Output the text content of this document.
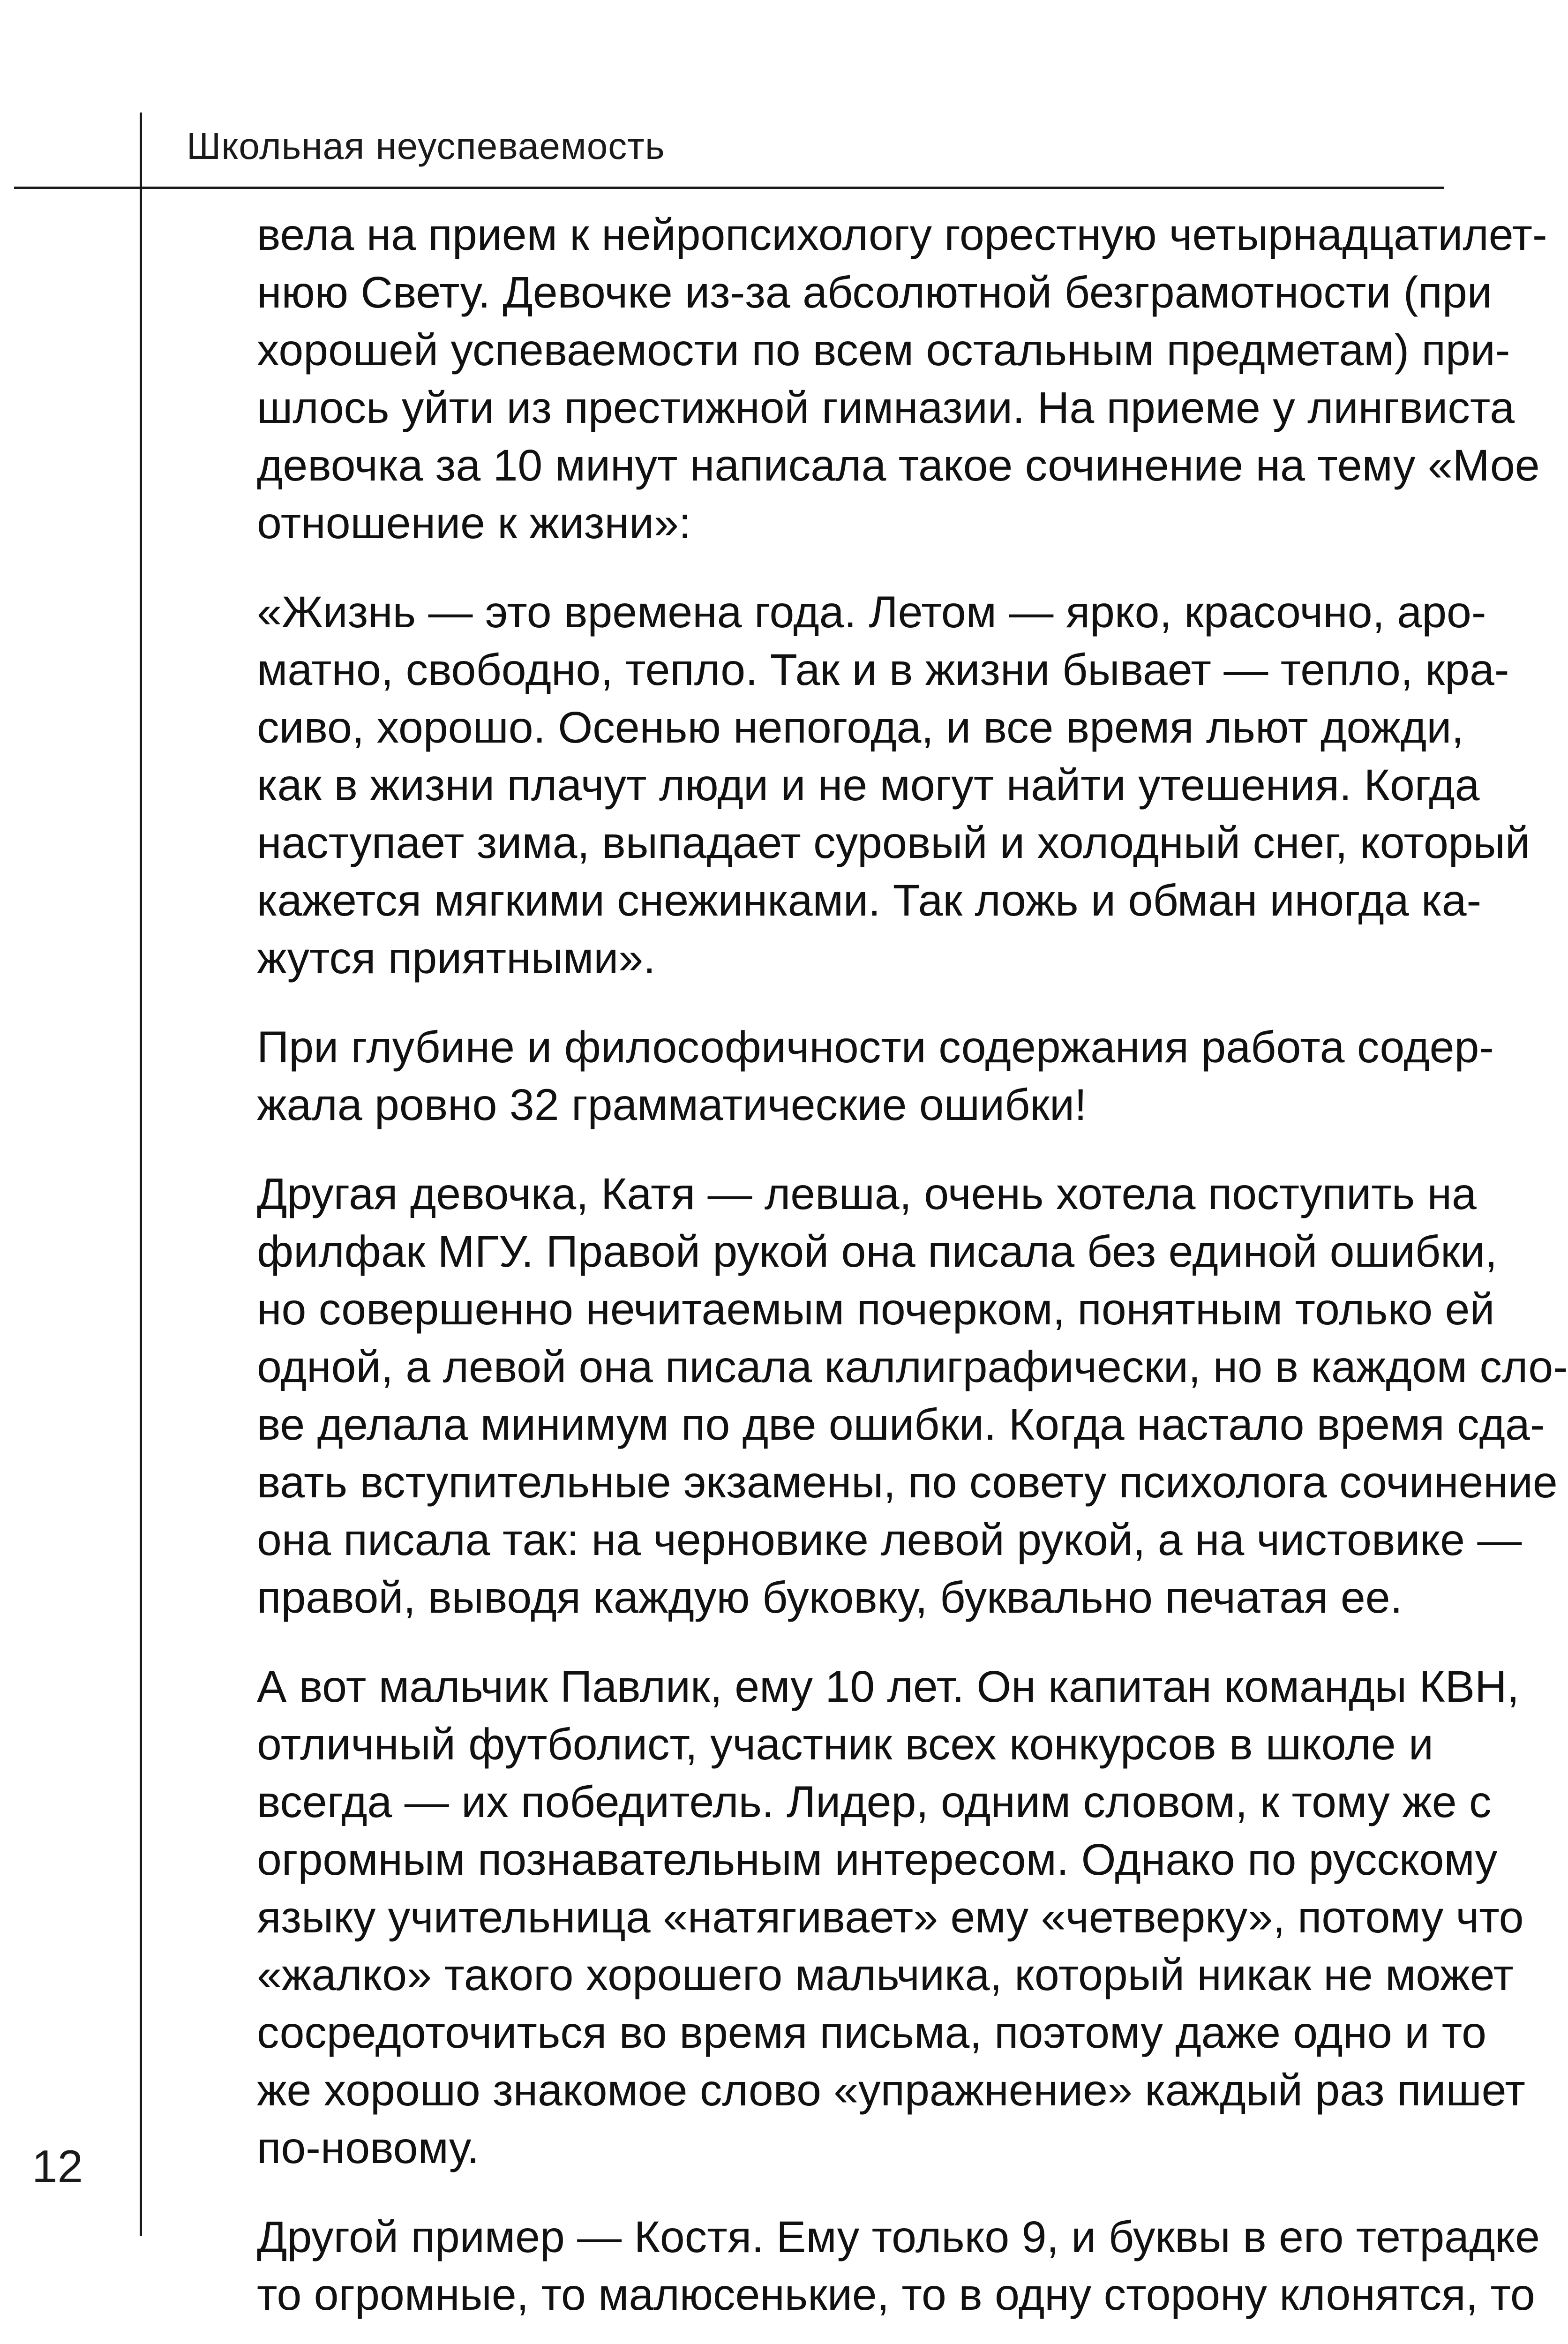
Школьная неуспеваемость
12
вела на прием к нейропсихологу горестную четырнадцатилет-
нюю Свету. Девочке из-за абсолютной безграмотности (при
хорошей успеваемости по всем остальным предметам) при-
шлось уйти из престижной гимназии. На приеме у лингвиста
девочка за 10 минут написала такое сочинение на тему «Мое
отношение к жизни»:
«Жизнь — это времена года. Летом — ярко, красочно, аро-
матно, свободно, тепло. Так и в жизни бывает — тепло, кра-
сиво, хорошо. Осенью непогода, и все время льют дожди,
как в жизни плачут люди и не могут найти утешения. Когда
наступает зима, выпадает суровый и холодный снег, который
кажется мягкими снежинками. Так ложь и обман иногда ка-
жутся приятными».
При глубине и философичности содержания работа содер-
жала ровно 32 грамматические ошибки!
Другая девочка, Катя — левша, очень хотела поступить на
филфак МГУ. Правой рукой она писала без единой ошибки,
но совершенно нечитаемым почерком, понятным только ей
одной, а левой она писала каллиграфически, но в каждом сло-
ве делала минимум по две ошибки. Когда настало время сда-
вать вступительные экзамены, по совету психолога сочинение
она писала так: на черновике левой рукой, а на чистовике —
правой, выводя каждую буковку, буквально печатая ее.
А вот мальчик Павлик, ему 10 лет. Он капитан команды КВН,
отличный футболист, участник всех конкурсов в школе и
всегда — их победитель. Лидер, одним словом, к тому же с
огромным познавательным интересом. Однако по русскому
языку учительница «натягивает» ему «четверку», потому что
«жалко» такого хорошего мальчика, который никак не может
сосредоточиться во время письма, поэтому даже одно и то
же хорошо знакомое слово «упражнение» каждый раз пишет
по-новому.
Другой пример — Костя. Ему только 9, и буквы в его тетрадке
то огромные, то малюсенькие, то в одну сторону клонятся, то
